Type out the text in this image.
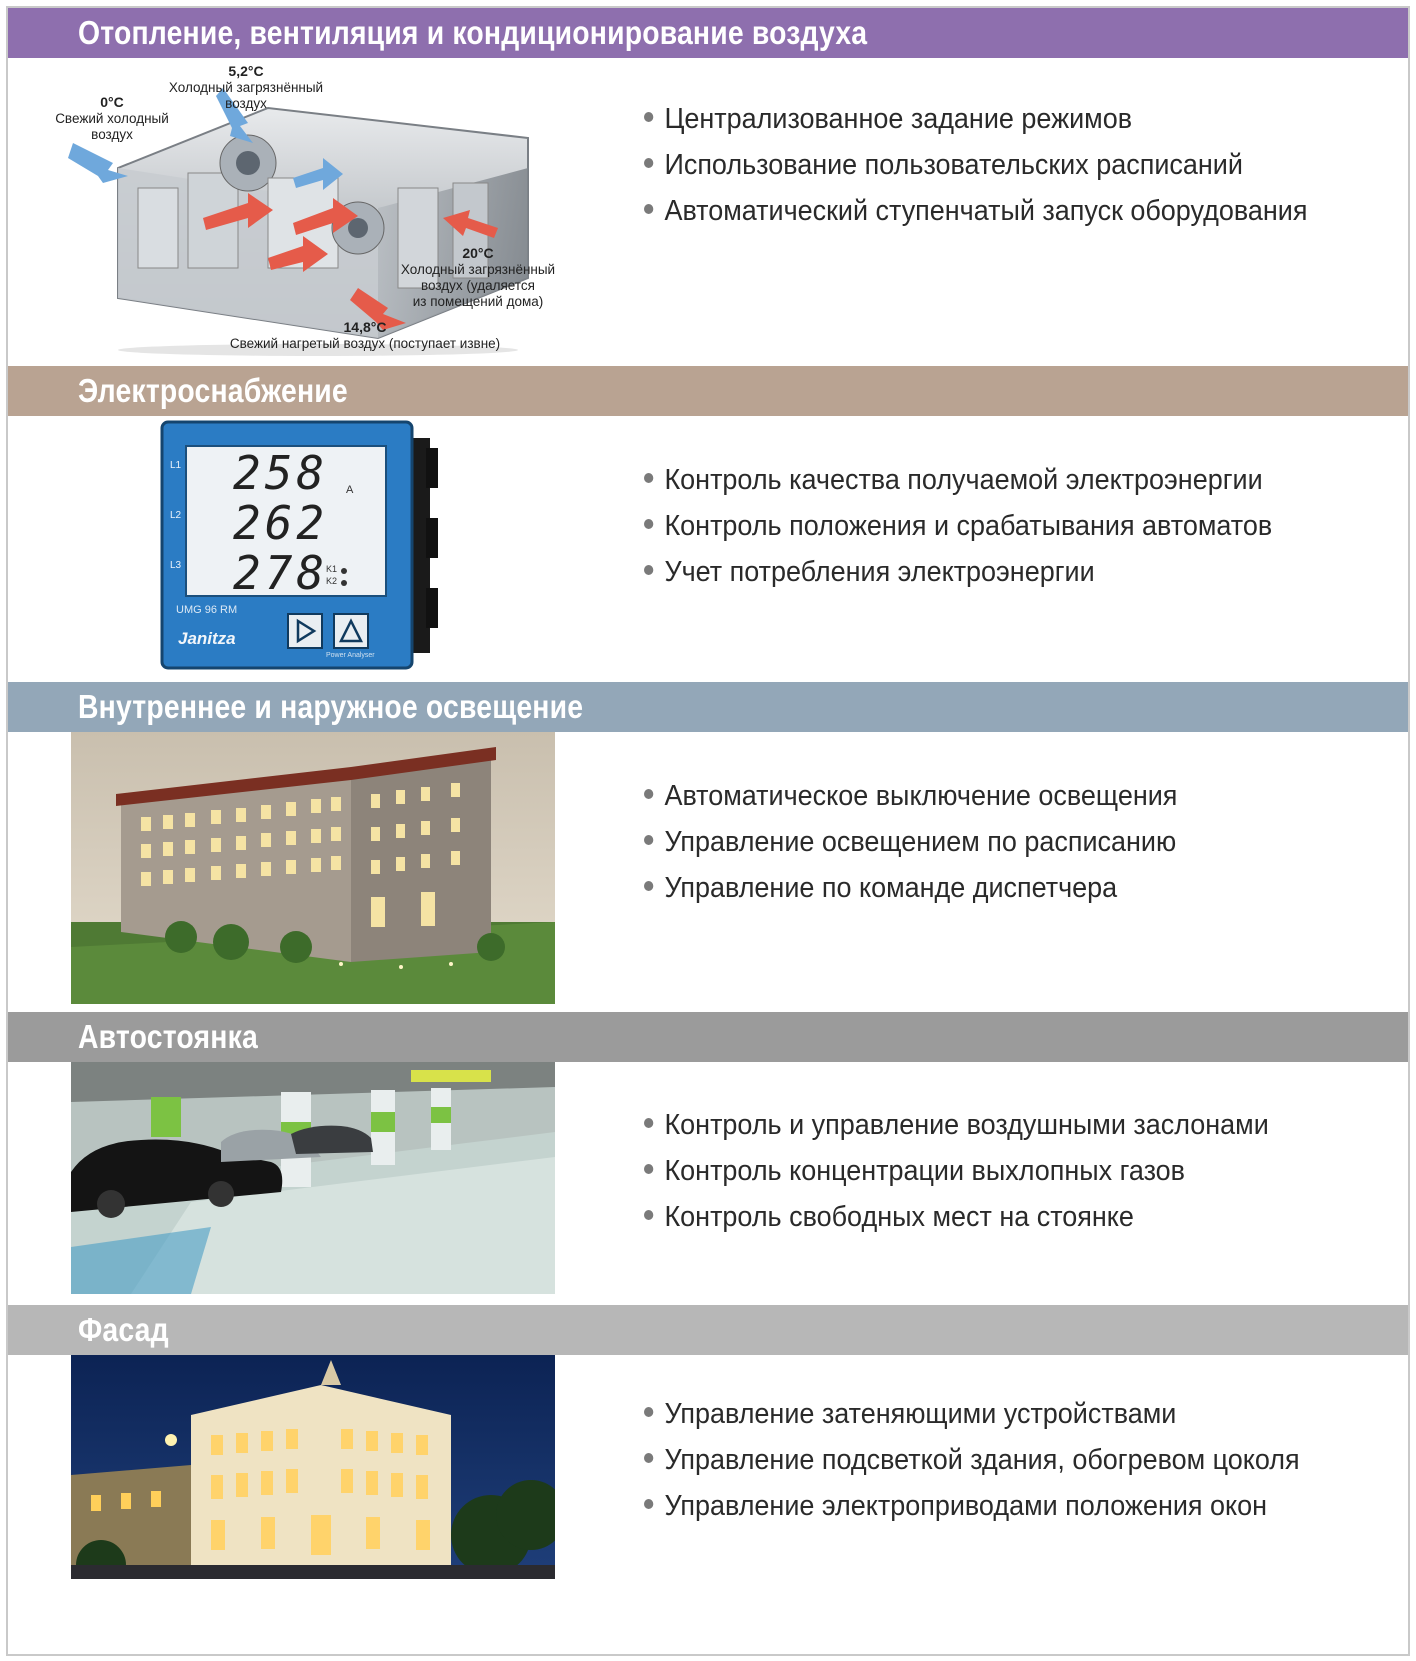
Отопление, вентиляция и кондиционирование воздуха
0°C
Свежий холодный
воздух
5,2°C
Холодный загрязнённый
воздух
20°C
Холодный загрязнённый
воздух (удаляется
из помещений дома)
14,8°C
Свежий нагретый воздух (поступает извне)
Централизованное задание режимов
Использование пользовательских расписаний
Автоматический ступенчатый запуск оборудования
Электроснабжение
L1
L2
L3
258
262
278
A
K1
K2
UMG 96 RM
Janitza
Power Analyser
Контроль качества получаемой электроэнергии
Контроль положения и срабатывания автоматов
Учет потребления электроэнергии
Внутреннее и наружное освещение
Автоматическое выключение освещения
Управление освещением по расписанию
Управление по команде диспетчера
Автостоянка
Контроль и управление воздушными заслонами
Контроль концентрации выхлопных газов
Контроль свободных мест на стоянке
Фасад
Управление затеняющими устройствами
Управление подсветкой здания, обогревом цоколя
Управление электроприводами положения окон
